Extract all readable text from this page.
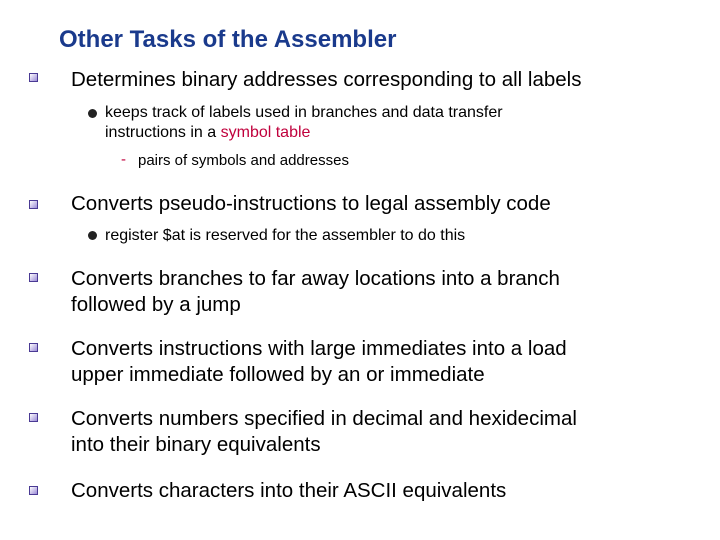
Other Tasks of the Assembler
Determines binary addresses corresponding to all labels
keeps track of labels used in branches and data transfer
instructions in a symbol table
- pairs of symbols and addresses
Converts pseudo-instructions to legal assembly code
register $at is reserved for the assembler to do this
Converts branches to far away locations into a branch
followed by a jump
Converts instructions with large immediates into a load
upper immediate followed by an or immediate
Converts numbers specified in decimal and hexidecimal
into their binary equivalents
Converts characters into their ASCII equivalents
